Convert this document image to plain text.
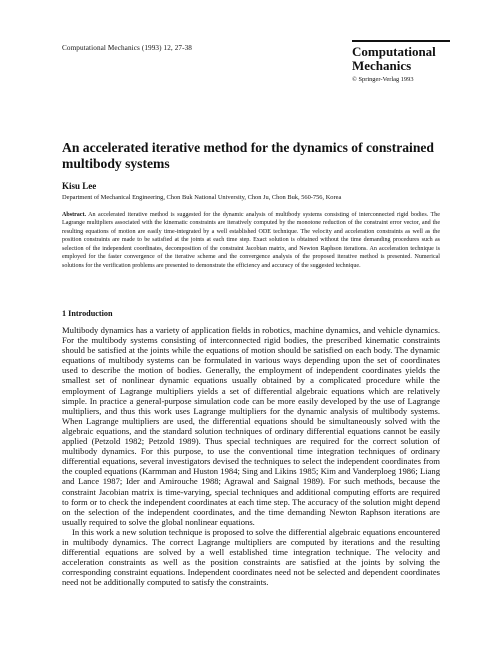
Computational Mechanics (1993) 12, 27-38	Computational
Mechanics
© Springer-Verlag 1993
An accelerated iterative method for the dynamics of constrained multibody systems
Kisu Lee
Department of Mechanical Engineering, Chon Buk National University, Chon Ju, Chon Buk, 560-756, Korea

Abstract. An accelerated iterative method is suggested for the dynamic analysis of multibody systems consisting of interconnected rigid bodies. The Lagrange multipliers associated with the kinematic constraints are iteratively computed by the monotone reduction of the constraint error vector, and the resulting equations of motion are easily time-integrated by a well established ODE technique. The velocity and acceleration constraints as well as the position constraints are made to be satisfied at the joints at each time step. Exact solution is obtained without the time demanding procedures such as selection of the independent coordinates, decomposition of the constraint Jacobian matrix, and Newton Raphson iterations. An acceleration technique is employed for the faster convergence of the iterative scheme and the convergence analysis of the proposed iterative method is presented. Numerical solutions for the verification problems are presented to demonstrate the efficiency and accuracy of the suggested technique.

1 Introduction

Multibody dynamics has a variety of application fields in robotics, machine dynamics, and vehicle dynamics. For the multibody systems consisting of interconnected rigid bodies, the prescribed kinematic constraints should be satisfied at the joints while the equations of motion should be satisfied on each body. The dynamic equations of multibody systems can be formulated in various ways depending upon the set of coordinates used to describe the motion of bodies. Generally, the employment of independent coordinates yields the smallest set of nonlinear dynamic equations usually obtained by a complicated procedure while the employment of Lagrange multipliers yields a set of differential algebraic equations which are relatively simple. In practice a general-purpose simulation code can be more easily developed by the use of Lagrange multipliers, and thus this work uses Lagrange multipliers for the dynamic analysis of multibody systems. When Lagrange multipliers are used, the differential equations should be simultaneously solved with the algebraic equations, and the standard solution techniques of ordinary differential equations cannot be easily applied (Petzold 1982; Petzold 1989). Thus special techniques are required for the correct solution of multibody dynamics. For this purpose, to use the conventional time integration techniques of ordinary differential equations, several investigators devised the techniques to select the independent coordinates from the coupled equations (Karmman and Huston 1984; Sing and Likins 1985; Kim and Vanderploeg 1986; Liang and Lance 1987; Ider and Amirouche 1988; Agrawal and Saignal 1989). For such methods, because the constraint Jacobian matrix is time-varying, special techniques and additional computing efforts are required to form or to check the independent coordinates at each time step. The accuracy of the solution might depend on the selection of the independent coordinates, and the time demanding Newton Raphson iterations are usually required to solve the global nonlinear equations.

In this work a new solution technique is proposed to solve the differential algebraic equations encountered in multibody dynamics. The correct Lagrange multipliers are computed by iterations and the resulting differential equations are solved by a well established time integration technique. The velocity and acceleration constraints as well as the position constraints are satisfied at the joints by solving the corresponding constraint equations. Independent coordinates need not be selected and dependent coordinates need not be additionally computed to satisfy the constraints.
